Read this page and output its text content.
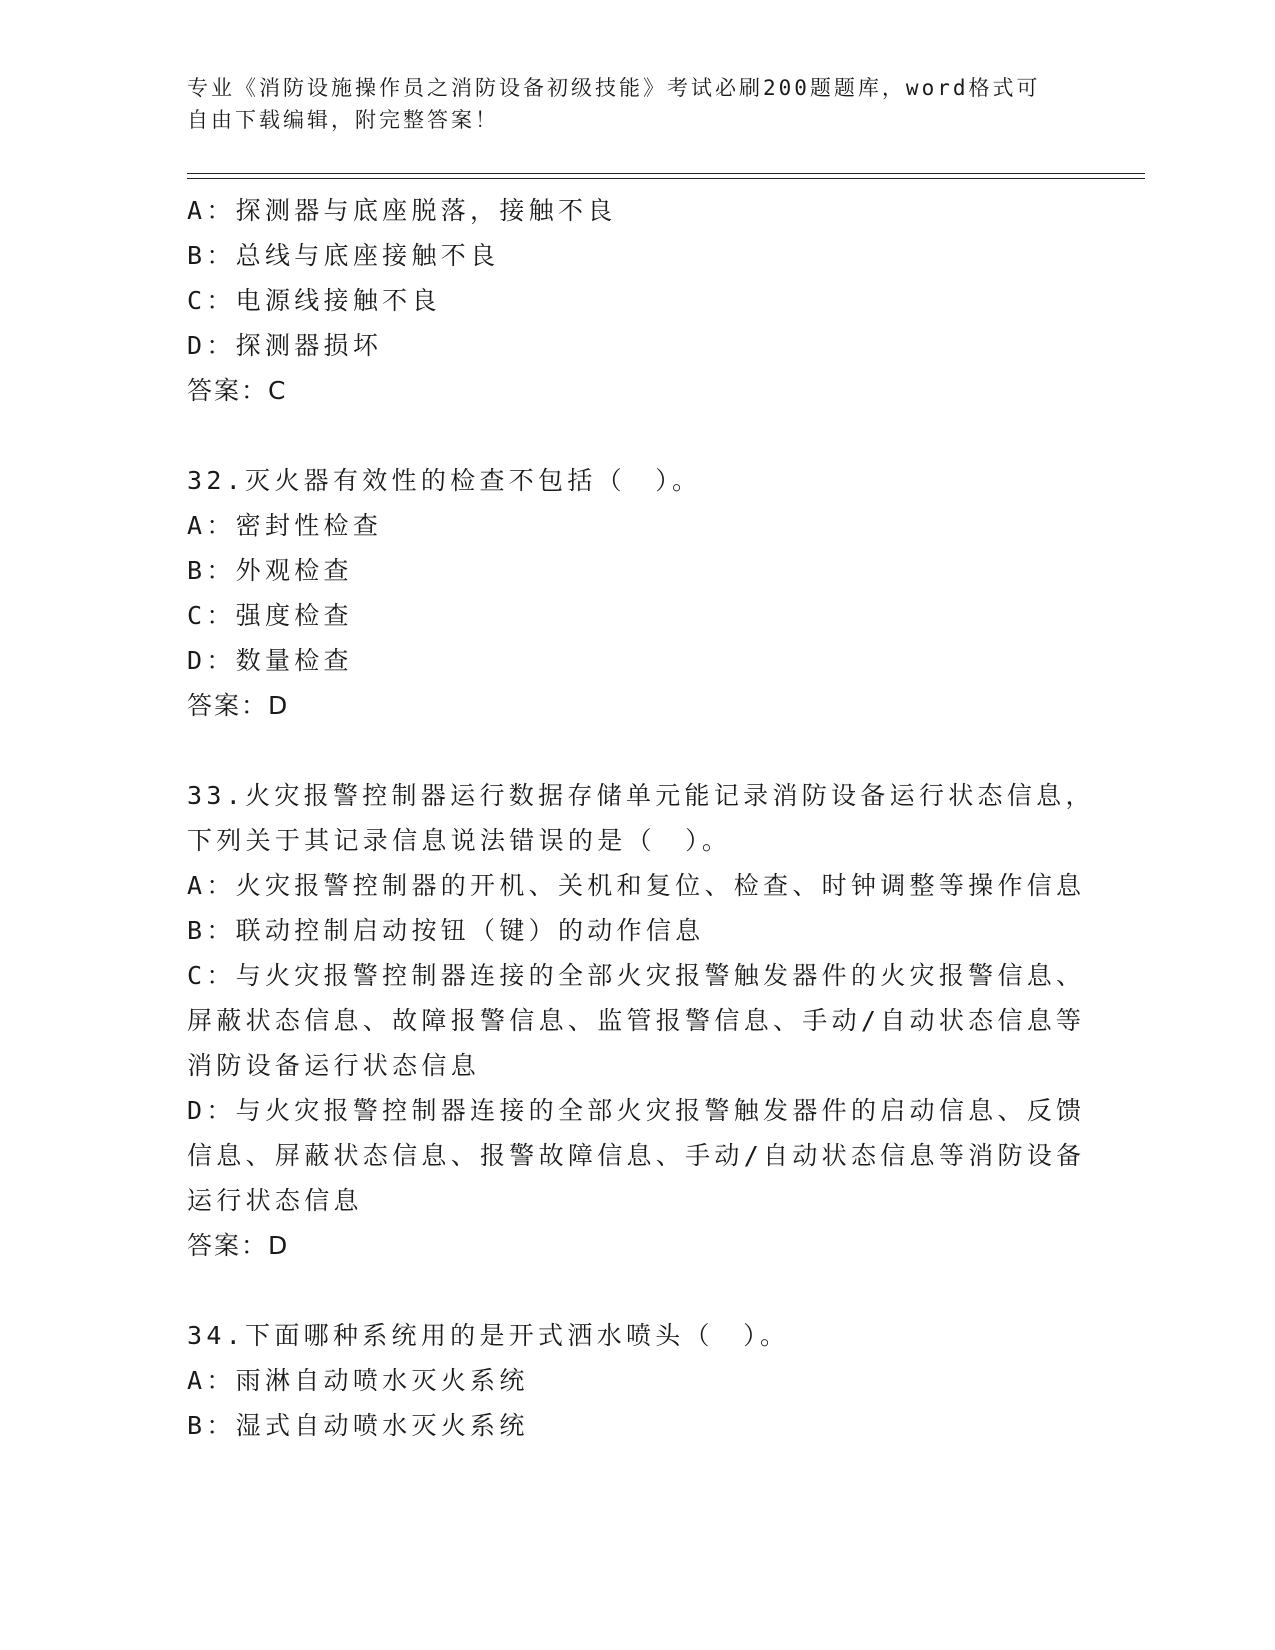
专业《消防设施操作员之消防设备初级技能》考试必刷200题题库，word格式可
自由下载编辑，附完整答案！
A：探测器与底座脱落，接触不良
B：总线与底座接触不良
C：电源线接触不良
D：探测器损坏
答案：C
32.灭火器有效性的检查不包括（　）。
A：密封性检查
B：外观检查
C：强度检查
D：数量检查
答案：D
33.火灾报警控制器运行数据存储单元能记录消防设备运行状态信息，
下列关于其记录信息说法错误的是（　）。
A：火灾报警控制器的开机、关机和复位、检查、时钟调整等操作信息
B：联动控制启动按钮（键）的动作信息
C：与火灾报警控制器连接的全部火灾报警触发器件的火灾报警信息、
屏蔽状态信息、故障报警信息、监管报警信息、手动/自动状态信息等
消防设备运行状态信息
D：与火灾报警控制器连接的全部火灾报警触发器件的启动信息、反馈
信息、屏蔽状态信息、报警故障信息、手动/自动状态信息等消防设备
运行状态信息
答案：D
34.下面哪种系统用的是开式洒水喷头（　）。
A：雨淋自动喷水灭火系统
B：湿式自动喷水灭火系统
